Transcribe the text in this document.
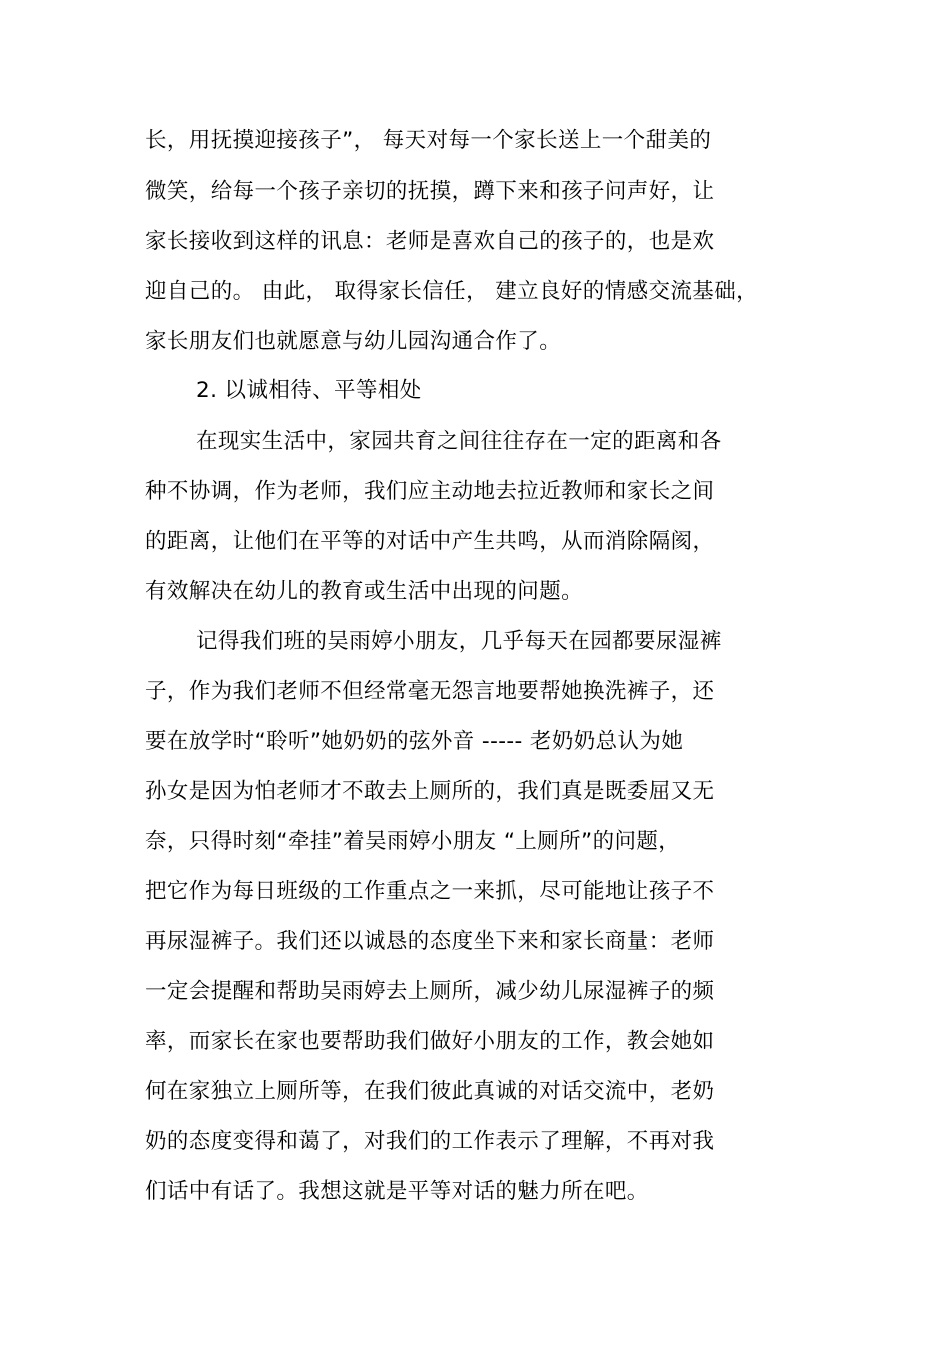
长，用抚摸迎接孩子”， 每天对每一个家长送上一个甜美的
微笑，给每一个孩子亲切的抚摸，蹲下来和孩子问声好，让
家长接收到这样的讯息：老师是喜欢自己的孩子的，也是欢
迎自己的。 由此， 取得家长信任， 建立良好的情感交流基础，
家长朋友们也就愿意与幼儿园沟通合作了。
2. 以诚相待、平等相处
在现实生活中，家园共育之间往往存在一定的距离和各
种不协调，作为老师，我们应主动地去拉近教师和家长之间
的距离，让他们在平等的对话中产生共鸣，从而消除隔阂，
有效解决在幼儿的教育或生活中出现的问题。
记得我们班的吴雨婷小朋友，几乎每天在园都要尿湿裤
子，作为我们老师不但经常毫无怨言地要帮她换洗裤子，还
要在放学时“聆听”她奶奶的弦外音 ----- 老奶奶总认为她
孙女是因为怕老师才不敢去上厕所的，我们真是既委屈又无
奈，只得时刻“牵挂”着吴雨婷小朋友 “上厕所”的问题，
把它作为每日班级的工作重点之一来抓，尽可能地让孩子不
再尿湿裤子。我们还以诚恳的态度坐下来和家长商量：老师
一定会提醒和帮助吴雨婷去上厕所，减少幼儿尿湿裤子的频
率，而家长在家也要帮助我们做好小朋友的工作，教会她如
何在家独立上厕所等，在我们彼此真诚的对话交流中，老奶
奶的态度变得和蔼了，对我们的工作表示了理解，不再对我
们话中有话了。我想这就是平等对话的魅力所在吧。
